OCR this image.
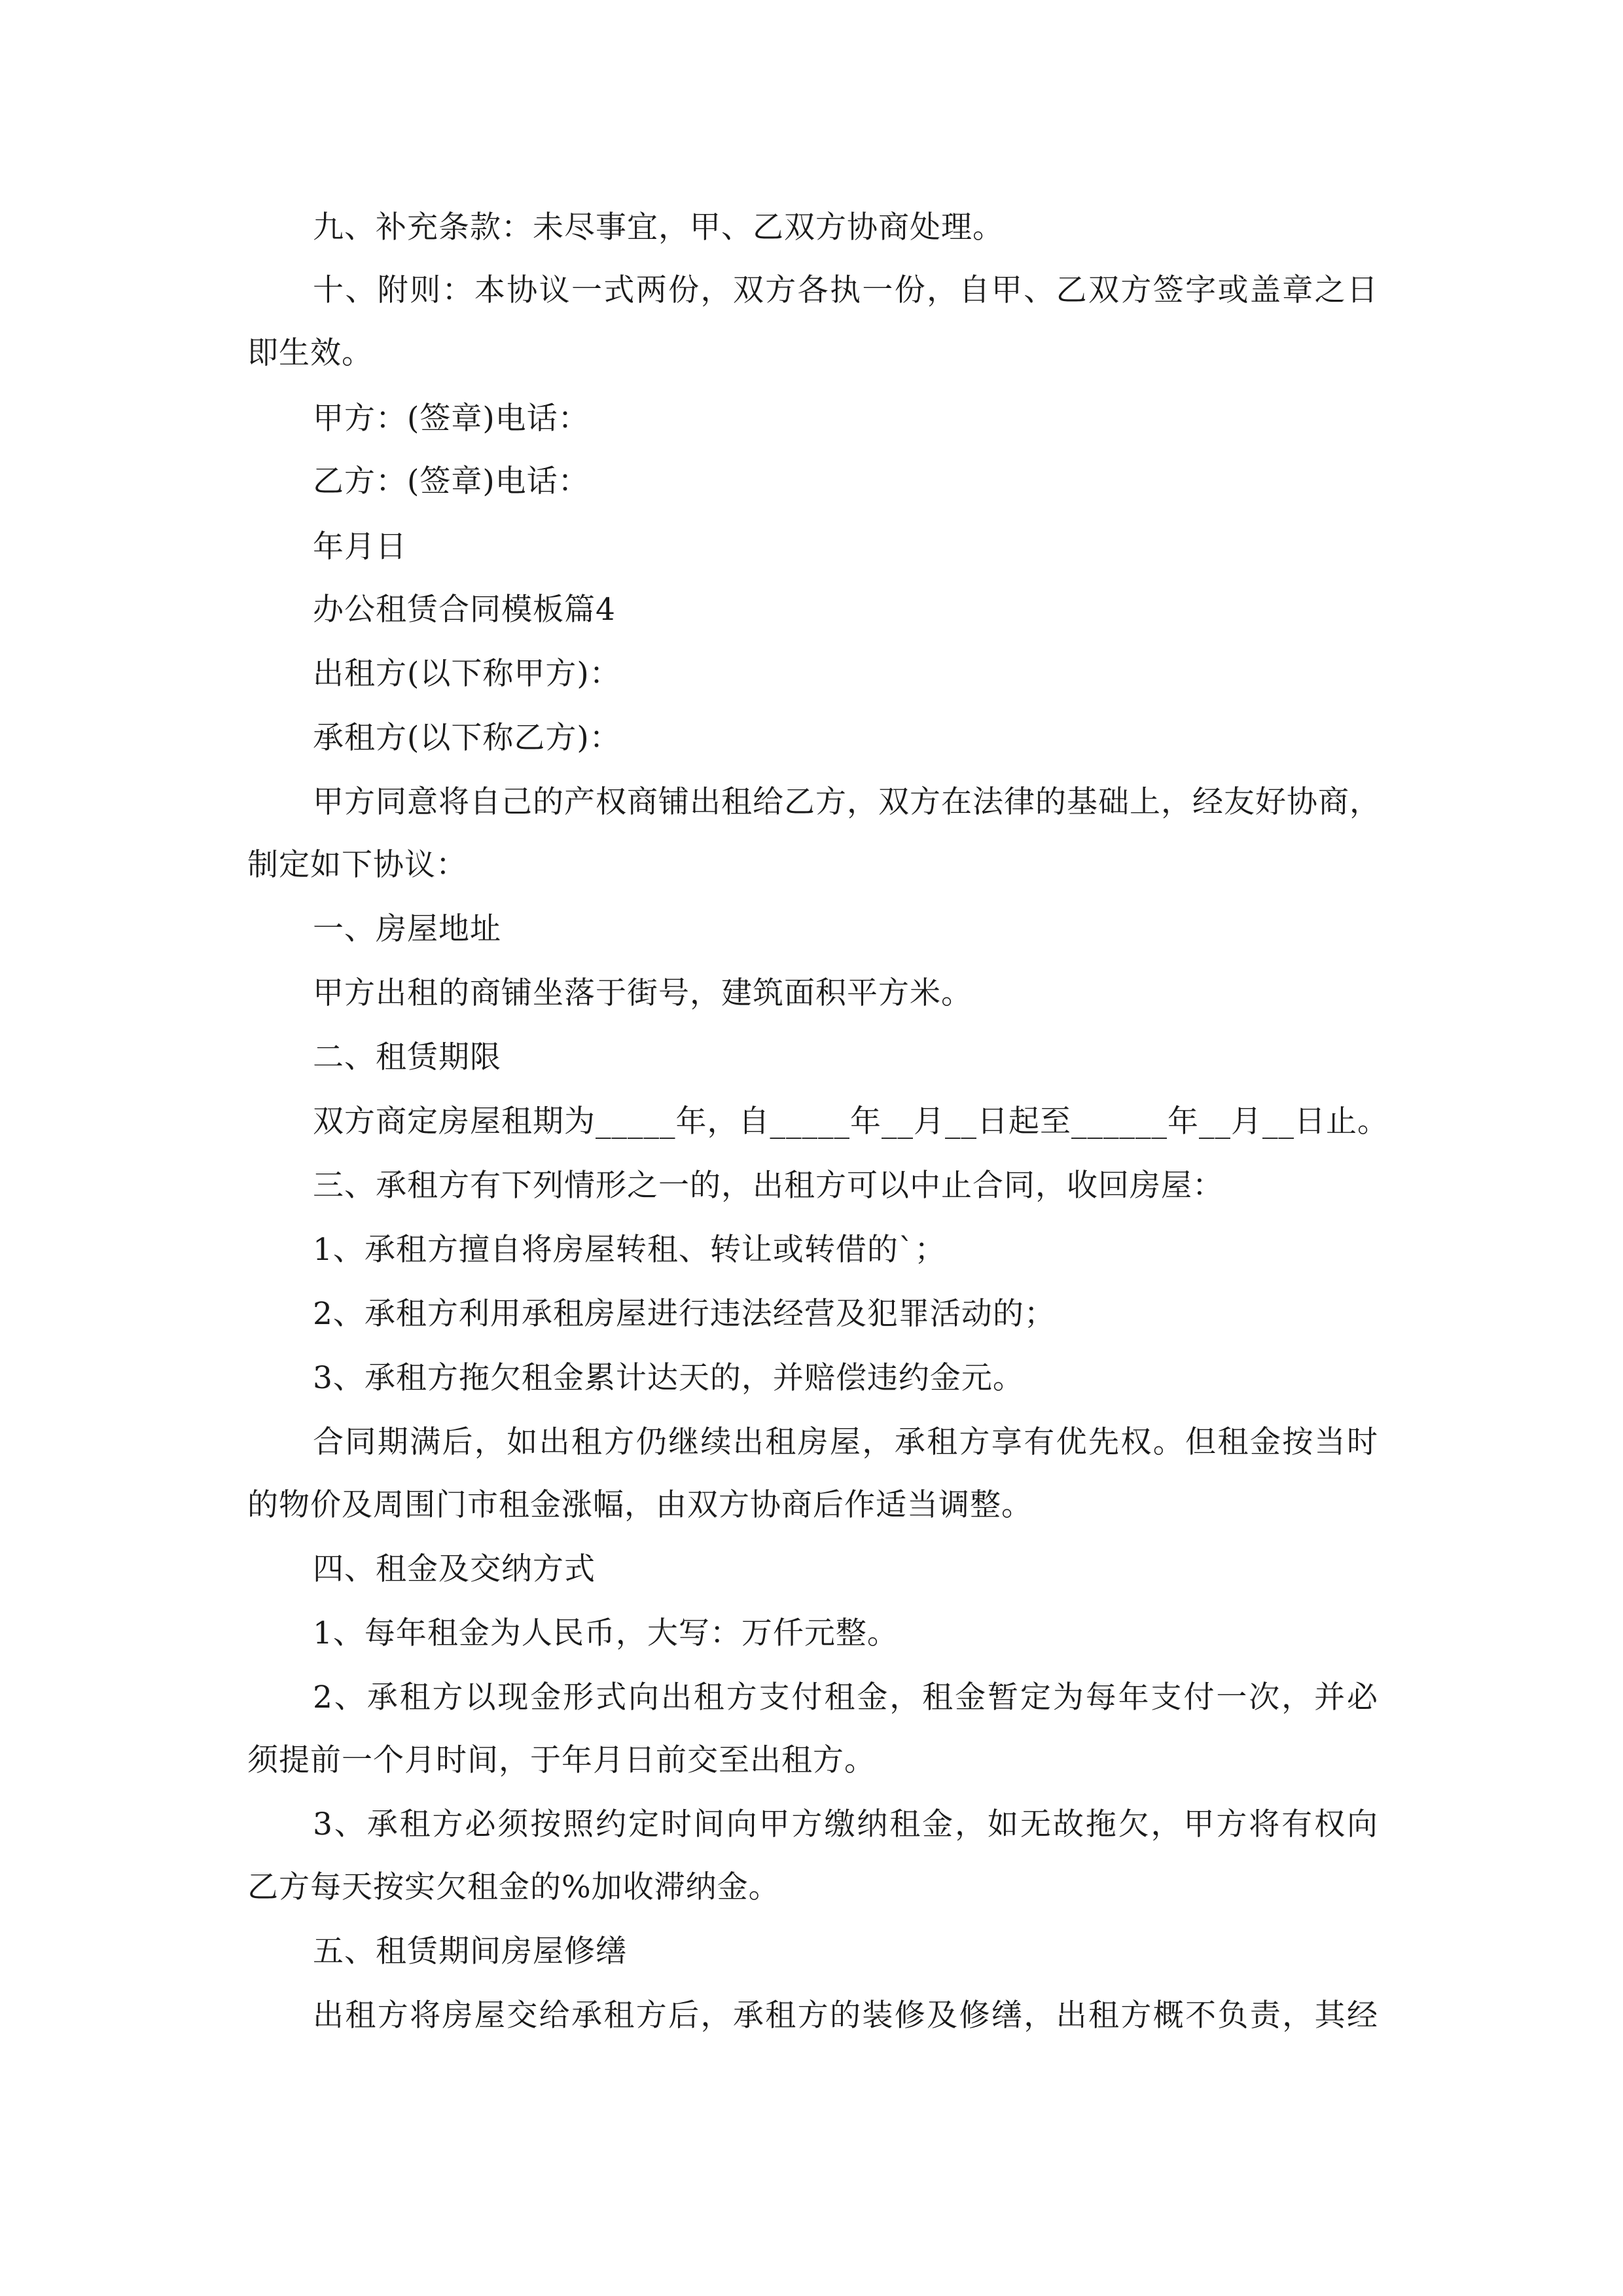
九、补充条款：未尽事宜，甲、乙双方协商处理。
十、附则：本协议一式两份，双方各执一份，自甲、乙双方签字或盖章之日
即生效。
甲方：(签章)电话：
乙方：(签章)电话：
年月日
办公租赁合同模板篇4
出租方(以下称甲方)：
承租方(以下称乙方)：
甲方同意将自己的产权商铺出租给乙方，双方在法律的基础上，经友好协商，
制定如下协议：
一、房屋地址
甲方出租的商铺坐落于街号，建筑面积平方米。
二、租赁期限
双方商定房屋租期为_____年，自_____年__月__日起至______年__月__日止。
三、承租方有下列情形之一的，出租方可以中止合同，收回房屋：
1、承租方擅自将房屋转租、转让或转借的`；
2、承租方利用承租房屋进行违法经营及犯罪活动的；
3、承租方拖欠租金累计达天的，并赔偿违约金元。
合同期满后，如出租方仍继续出租房屋，承租方享有优先权。但租金按当时
的物价及周围门市租金涨幅，由双方协商后作适当调整。
四、租金及交纳方式
1、每年租金为人民币，大写：万仟元整。
2、承租方以现金形式向出租方支付租金，租金暂定为每年支付一次，并必
须提前一个月时间，于年月日前交至出租方。
3、承租方必须按照约定时间向甲方缴纳租金，如无故拖欠，甲方将有权向
乙方每天按实欠租金的%加收滞纳金。
五、租赁期间房屋修缮
出租方将房屋交给承租方后，承租方的装修及修缮，出租方概不负责，其经
